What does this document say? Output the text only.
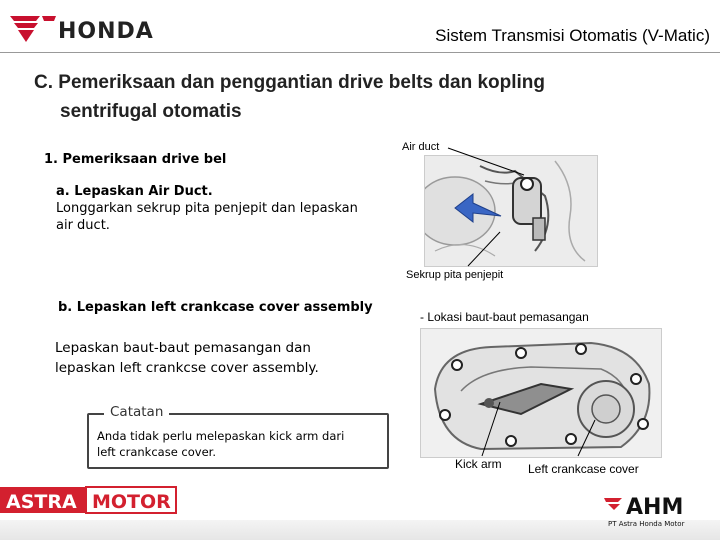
HONDA	Sistem Transmisi Otomatis (V-Matic)
C. Pemeriksaan dan penggantian drive belts dan kopling
sentrifugal otomatis
1. Pemeriksaan drive bel
a. Lepaskan Air Duct.
Longgarkan sekrup pita penjepit dan lepaskan
air duct.
Air duct
Sekrup pita penjepit
b. Lepaskan left crankcase cover assembly
Lepaskan baut-baut pemasangan dan
lepaskan left crankcse cover assembly.
Catatan
Anda tidak perlu melepaskan kick arm dari
left crankcase cover.
- Lokasi baut-baut pemasangan
Kick arm Left crankcase cover
ASTRA MOTOR	AHM
PT Astra Honda Motor
